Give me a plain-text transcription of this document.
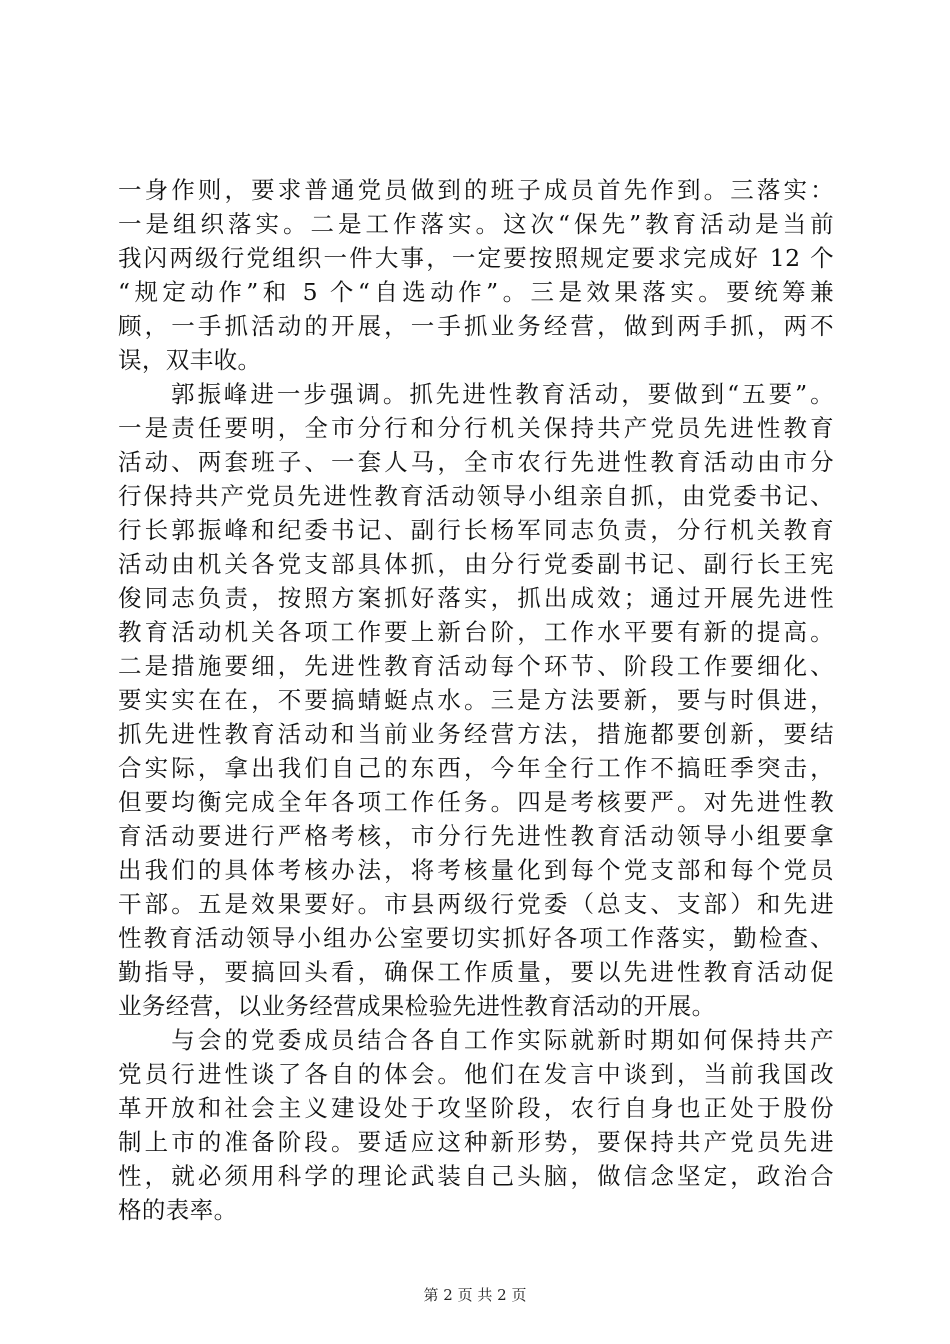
一身作则，要求普通党员做到的班子成员首先作到。三落实：
一是组织落实。二是工作落实。这次“保先”教育活动是当前
我闪两级行党组织一件大事，一定要按照规定要求完成好 12 个
“规定动作”和 5 个“自选动作”。三是效果落实。要统筹兼
顾，一手抓活动的开展，一手抓业务经营，做到两手抓，两不
误，双丰收。
　　郭振峰进一步强调。抓先进性教育活动，要做到“五要”。
一是责任要明，全市分行和分行机关保持共产党员先进性教育
活动、两套班子、一套人马，全市农行先进性教育活动由市分
行保持共产党员先进性教育活动领导小组亲自抓，由党委书记、
行长郭振峰和纪委书记、副行长杨军同志负责，分行机关教育
活动由机关各党支部具体抓，由分行党委副书记、副行长王宪
俊同志负责，按照方案抓好落实，抓出成效；通过开展先进性
教育活动机关各项工作要上新台阶，工作水平要有新的提高。
二是措施要细，先进性教育活动每个环节、阶段工作要细化、
要实实在在，不要搞蜻蜓点水。三是方法要新，要与时俱进，
抓先进性教育活动和当前业务经营方法，措施都要创新，要结
合实际，拿出我们自己的东西，今年全行工作不搞旺季突击，
但要均衡完成全年各项工作任务。四是考核要严。对先进性教
育活动要进行严格考核，市分行先进性教育活动领导小组要拿
出我们的具体考核办法，将考核量化到每个党支部和每个党员
干部。五是效果要好。市县两级行党委（总支、支部）和先进
性教育活动领导小组办公室要切实抓好各项工作落实，勤检查、
勤指导，要搞回头看，确保工作质量，要以先进性教育活动促
业务经营，以业务经营成果检验先进性教育活动的开展。
　　与会的党委成员结合各自工作实际就新时期如何保持共产
党员行进性谈了各自的体会。他们在发言中谈到，当前我国改
革开放和社会主义建设处于攻坚阶段，农行自身也正处于股份
制上市的准备阶段。要适应这种新形势，要保持共产党员先进
性，就必须用科学的理论武装自己头脑，做信念坚定，政治合
格的表率。
第 2 页 共 2 页
